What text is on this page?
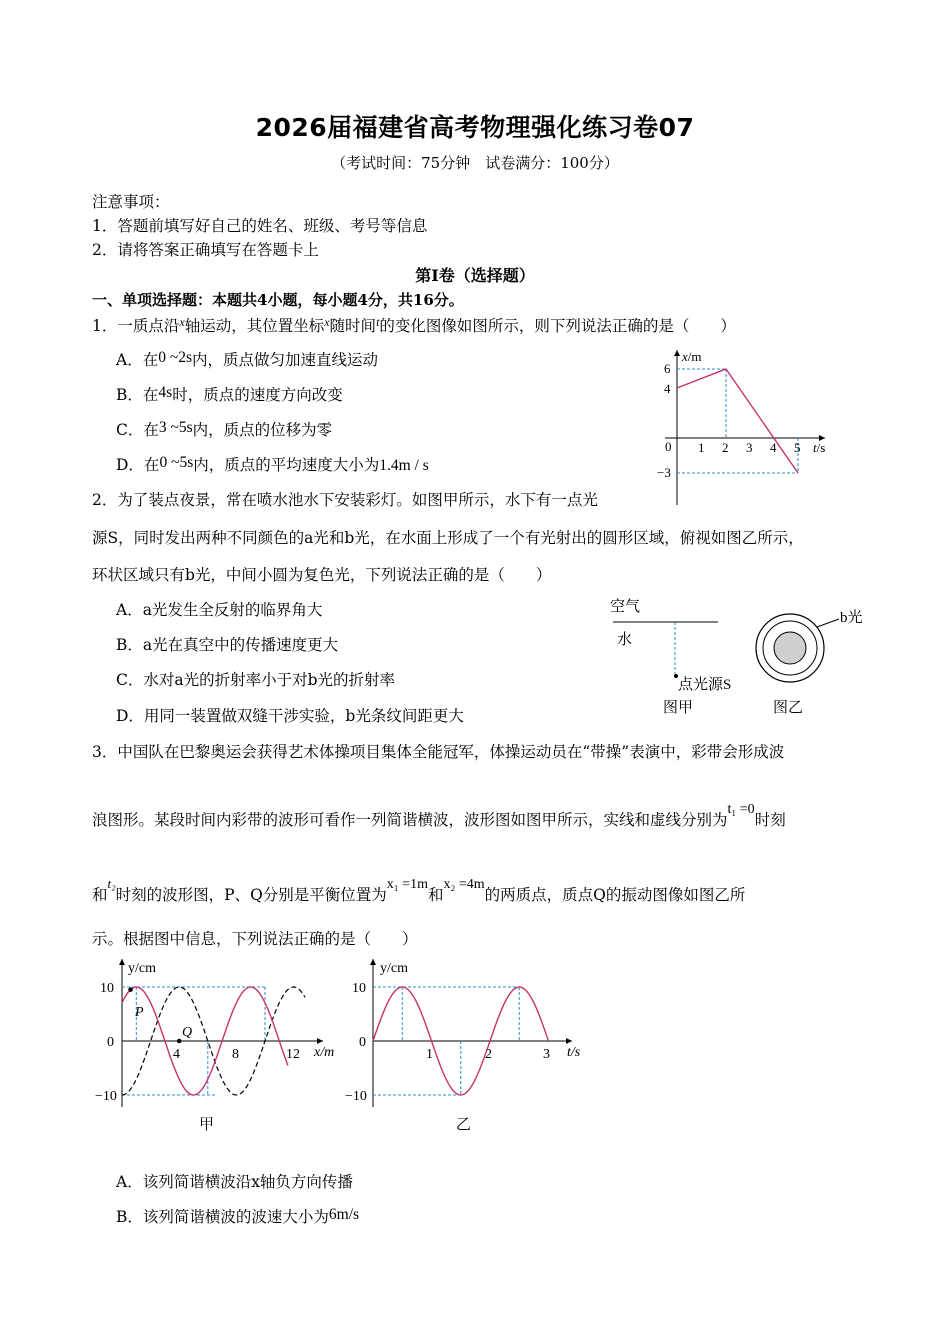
2026届福建省高考物理强化练习卷07
（考试时间：75分钟　试卷满分：100分）
注意事项：
1．答题前填写好自己的姓名、班级、考号等信息
2．请将答案正确填写在答题卡上
第Ⅰ卷（选择题）
一、单项选择题：本题共4小题，每小题4分，共16分。
1．一质点沿$^x$轴运动，其位置坐标$^x$随时间$^t$的变化图像如图所示，则下列说法正确的是（　　）
A．在0 ~2s内，质点做匀加速直线运动
B．在4s时，质点的速度方向改变
C．在3 ~5s内，质点的位移为零
D．在0 ~5s内，质点的平均速度大小为1.4m / s
x/m
t/s
6
4
0
−3
1 2 3 4 5
2．为了装点夜景，常在喷水池水下安装彩灯。如图甲所示，水下有一点光
源S，同时发出两种不同颜色的a光和b光，在水面上形成了一个有光射出的圆形区域，俯视如图乙所示，
环状区域只有b光，中间小圆为复色光，下列说法正确的是（　　）
A．a光发生全反射的临界角大
B．a光在真空中的传播速度更大
C．水对a光的折射率小于对b光的折射率
D．用同一装置做双缝干涉实验，b光条纹间距更大
空气
水
点光源S
图甲
b光
图乙
3．中国队在巴黎奥运会获得艺术体操项目集体全能冠军，体操运动员在“带操”表演中，彩带会形成波
浪图形。某段时间内彩带的波形可看作一列简谐横波，波形图如图甲所示，实线和虚线分别为t₁ =0时刻
和$^{t_2}$时刻的波形图，P、Q分别是平衡位置为x₁ =1m和x₂ =4m的两质点，质点Q的振动图像如图乙所
示。根据图中信息，下列说法正确的是（　　）
y/cm
x/m
10
0
−10
4	8	12
P
Q
甲
y/cm
t/s
10
0
−10
1	2	3
乙
A．该列简谐横波沿x轴负方向传播
B．该列简谐横波的波速大小为6m/s
